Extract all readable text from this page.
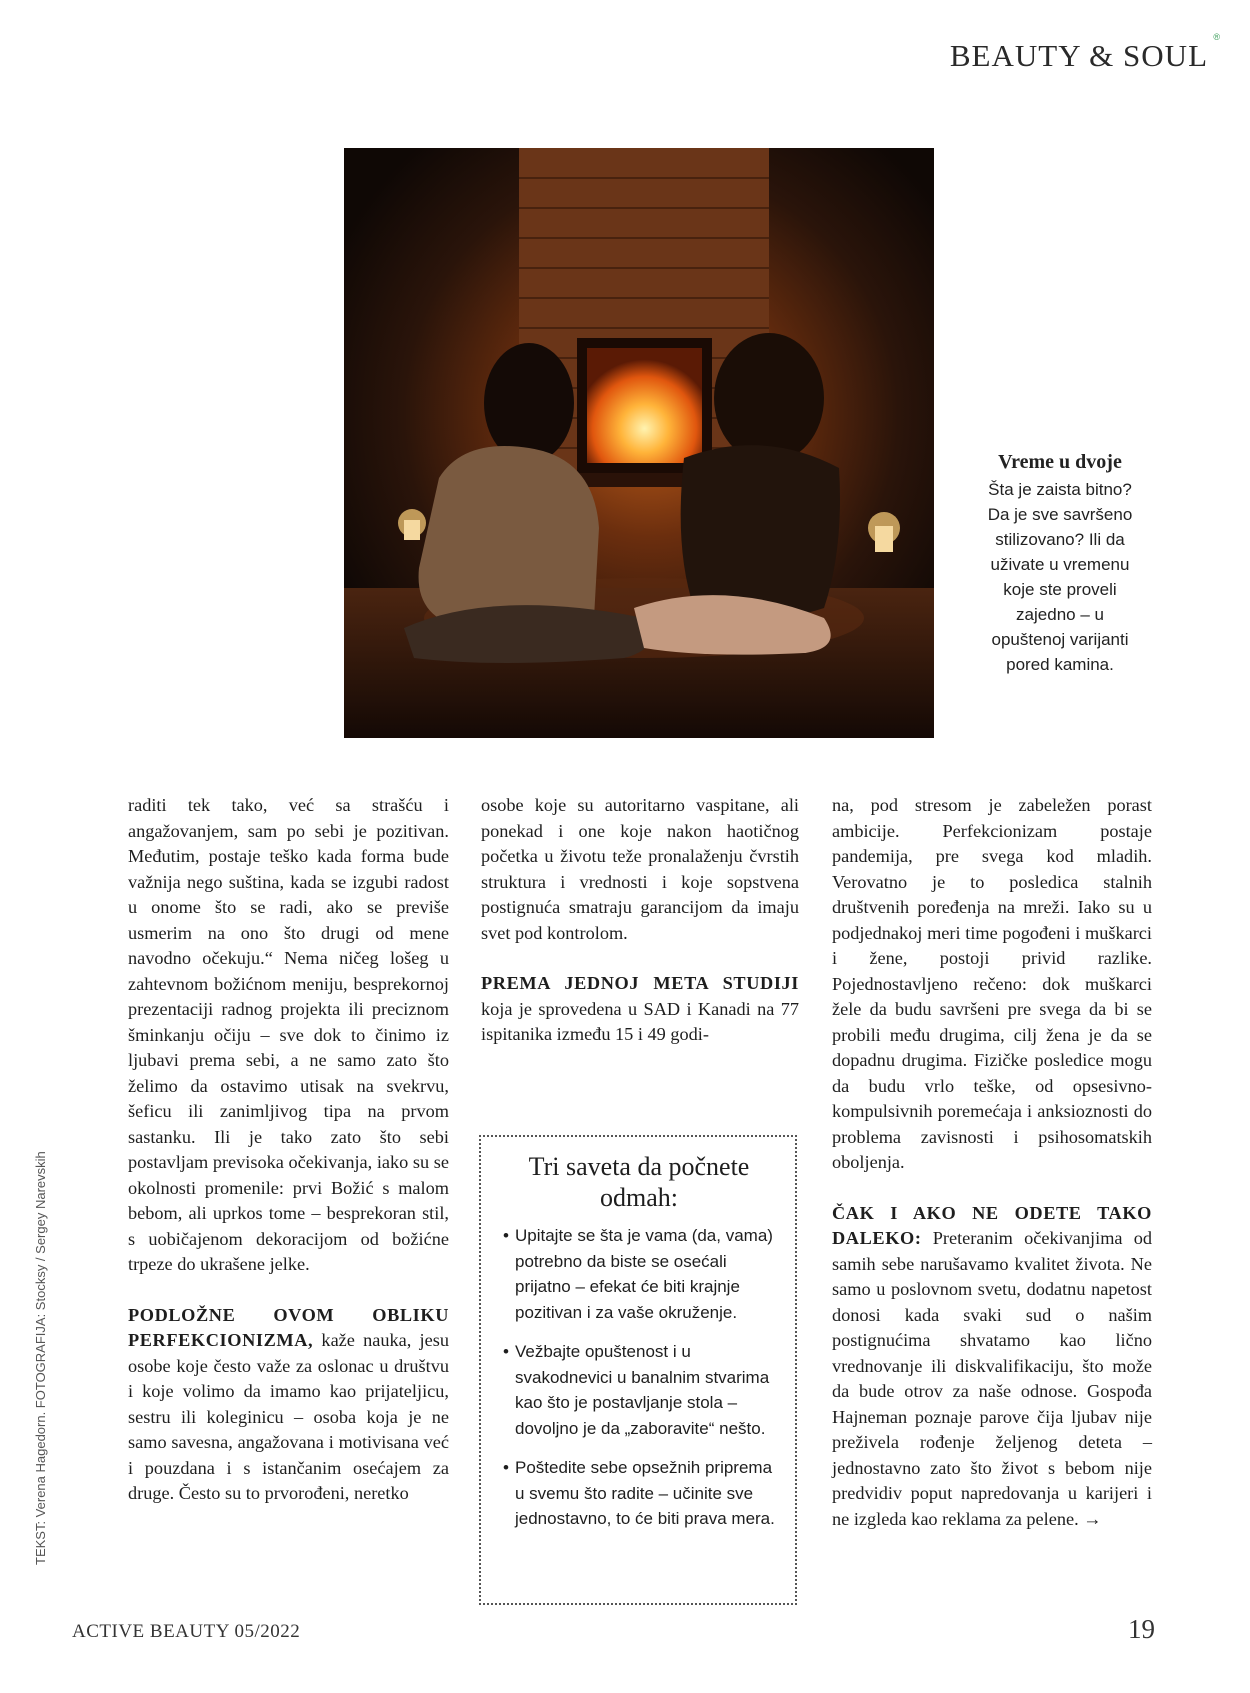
BEAUTY & SOUL
®
Vreme u dvoje
Šta je zaista bitno?
Da je sve savršeno
stilizovano? Ili da
uživate u vremenu
koje ste proveli
zajedno – u
opuštenoj varijanti
pored kamina.

raditi tek tako, već sa strašću i angažovanjem, sam po sebi je pozitivan. Međutim, postaje teško kada forma bude važnija nego suština, kada se izgubi radost u onome što se radi, ako se previše usmerim na ono što drugi od mene navodno očekuju.“ Nema ničeg lošeg u zahtevnom božićnom meniju, besprekornoj prezentaciji radnog projekta ili preciznom šminkanju očiju – sve dok to činimo iz ljubavi prema sebi, a ne samo zato što želimo da ostavimo utisak na svekrvu, šeficu ili zanimljivog tipa na prvom sastanku. Ili je tako zato što sebi postavljam previsoka očekivanja, iako su se okolnosti promenile: prvi Božić s malom bebom, ali uprkos tome – besprekoran stil, s uobičajenom dekoracijom od božićne trpeze do ukrašene jelke.

PODLOŽNE OVOM OBLIKU PERFEKCIONIZMA, kaže nauka, jesu osobe koje često važe za oslonac u društvu i koje volimo da imamo kao prijateljicu, sestru ili koleginicu – osoba koja je ne samo savesna, angažovana i motivisana već i pouzdana i s istančanim osećajem za druge. Često su to prvorođeni, neretko

osobe koje su autoritarno vaspitane, ali ponekad i one koje nakon haotičnog početka u životu teže pronalaženju čvrstih struktura i vrednosti i koje sopstvena postignuća smatraju garancijom da imaju svet pod kontrolom.

PREMA JEDNOJ META STUDIJI koja je sprovedena u SAD i Kanadi na 77 ispitanika između 15 i 49 godi-

Tri saveta da počnete odmah:
• Upitajte se šta je vama (da, vama) potrebno da biste se osećali prijatno – efekat će biti krajnje pozitivan i za vaše okruženje.
• Vežbajte opuštenost i u svakodnevici u banalnim stvarima kao što je postavljanje stola – dovoljno je da „zaboravite“ nešto.
• Poštedite sebe opsežnih priprema u svemu što radite – učinite sve jednostavno, to će biti prava mera.

na, pod stresom je zabeležen porast ambicije. Perfekcionizam postaje pandemija, pre svega kod mladih. Verovatno je to posledica stalnih društvenih poređenja na mreži. Iako su u podjednakoj meri time pogođeni i muškarci i žene, postoji privid razlike. Pojednostavljeno rečeno: dok muškarci žele da budu savršeni pre svega da bi se probili među drugima, cilj žena je da se dopadnu drugima. Fizičke posledice mogu da budu vrlo teške, od opsesivno-kompulsivnih poremećaja i anksioznosti do problema zavisnosti i psihosomatskih oboljenja.

ČAK I AKO NE ODETE TAKO DALEKO: Preteranim očekivanjima od samih sebe narušavamo kvalitet života. Ne samo u poslovnom svetu, dodatnu napetost donosi kada svaki sud o našim postignućima shvatamo kao lično vrednovanje ili diskvalifikaciju, što može da bude otrov za naše odnose. Gospođa Hajneman poznaje parove čija ljubav nije preživela rođenje željenog deteta – jednostavno zato što život s bebom nije predvidiv poput napredovanja u karijeri i ne izgleda kao reklama za pelene. →

TEKST: Verena Hagedorn. FOTOGRAFIJA: Stocksy / Sergey Narevskih
ACTIVE BEAUTY 05/2022	19
